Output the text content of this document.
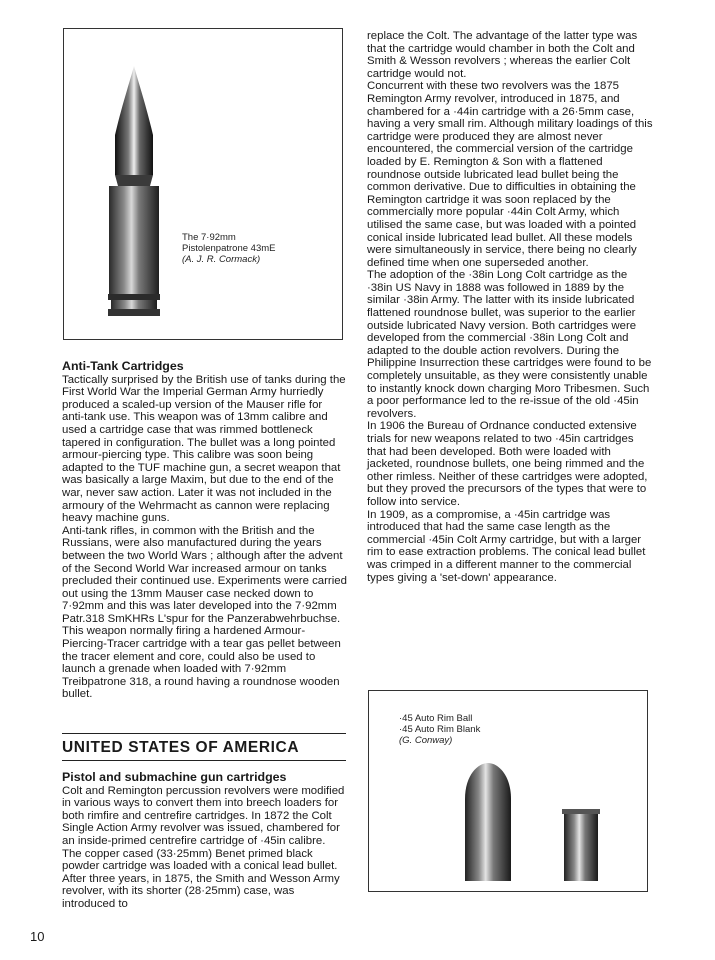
The 7·92mm
Pistolenpatrone 43mE
(A. J. R. Cormack)
Anti-Tank Cartridges

Tactically surprised by the British use of tanks during the First World War the Imperial German Army hurriedly produced a scaled-up version of the Mauser rifle for anti-tank use. This weapon was of 13mm calibre and used a cartridge case that was rimmed bottleneck tapered in configuration. The bullet was a long pointed armour-piercing type. This calibre was soon being adapted to the TUF machine gun, a secret weapon that was basically a large Maxim, but due to the end of the war, never saw action. Later it was not included in the armoury of the Wehrmacht as cannon were replacing heavy machine guns.

Anti-tank rifles, in common with the British and the Russians, were also manufactured during the years between the two World Wars ; although after the advent of the Second World War increased armour on tanks precluded their continued use. Experiments were carried out using the 13mm Mauser case necked down to 7·92mm and this was later developed into the 7·92mm Patr.318 SmKHRs L'spur for the Panzerabwehrbuchse. This weapon normally firing a hardened Armour-Piercing-Tracer cartridge with a tear gas pellet between the tracer element and core, could also be used to launch a grenade when loaded with 7·92mm Treibpatrone 318, a round having a roundnose wooden bullet.

UNITED STATES OF AMERICA
Pistol and submachine gun cartridges

Colt and Remington percussion revolvers were modified in various ways to convert them into breech loaders for both rimfire and centrefire cartridges. In 1872 the Colt Single Action Army revolver was issued, chambered for an inside-primed centrefire cartridge of ·45in calibre. The copper cased (33·25mm) Benet primed black powder cartridge was loaded with a conical lead bullet. After three years, in 1875, the Smith and Wesson Army revolver, with its shorter (28·25mm) case, was introduced to

replace the Colt. The advantage of the latter type was that the cartridge would chamber in both the Colt and Smith & Wesson revolvers ; whereas the earlier Colt cartridge would not.

Concurrent with these two revolvers was the 1875 Remington Army revolver, introduced in 1875, and chambered for a ·44in cartridge with a 26·5mm case, having a very small rim. Although military loadings of this cartridge were produced they are almost never encountered, the commercial version of the cartridge loaded by E. Remington & Son with a flattened roundnose outside lubricated lead bullet being the common derivative. Due to difficulties in obtaining the Remington cartridge it was soon replaced by the commercially more popular ·44in Colt Army, which utilised the same case, but was loaded with a pointed conical inside lubricated lead bullet. All these models were simultaneously in service, there being no clearly defined time when one superseded another.

The adoption of the ·38in Long Colt cartridge as the ·38in US Navy in 1888 was followed in 1889 by the similar ·38in Army. The latter with its inside lubricated flattened roundnose bullet, was superior to the earlier outside lubricated Navy version. Both cartridges were developed from the commercial ·38in Long Colt and adapted to the double action revolvers. During the Philippine Insurrection these cartridges were found to be completely unsuitable, as they were consistently unable to instantly knock down charging Moro Tribesmen. Such a poor performance led to the re-issue of the old ·45in revolvers.

In 1906 the Bureau of Ordnance conducted extensive trials for new weapons related to two ·45in cartridges that had been developed. Both were loaded with jacketed, roundnose bullets, one being rimmed and the other rimless. Neither of these cartridges were adopted, but they proved the precursors of the types that were to follow into service.

In 1909, as a compromise, a ·45in cartridge was introduced that had the same case length as the commercial ·45in Colt Army cartridge, but with a larger rim to ease extraction problems. The conical lead bullet was crimped in a different manner to the commercial types giving a 'set-down' appearance.

·45 Auto Rim Ball
·45 Auto Rim Blank
(G. Conway)
10
